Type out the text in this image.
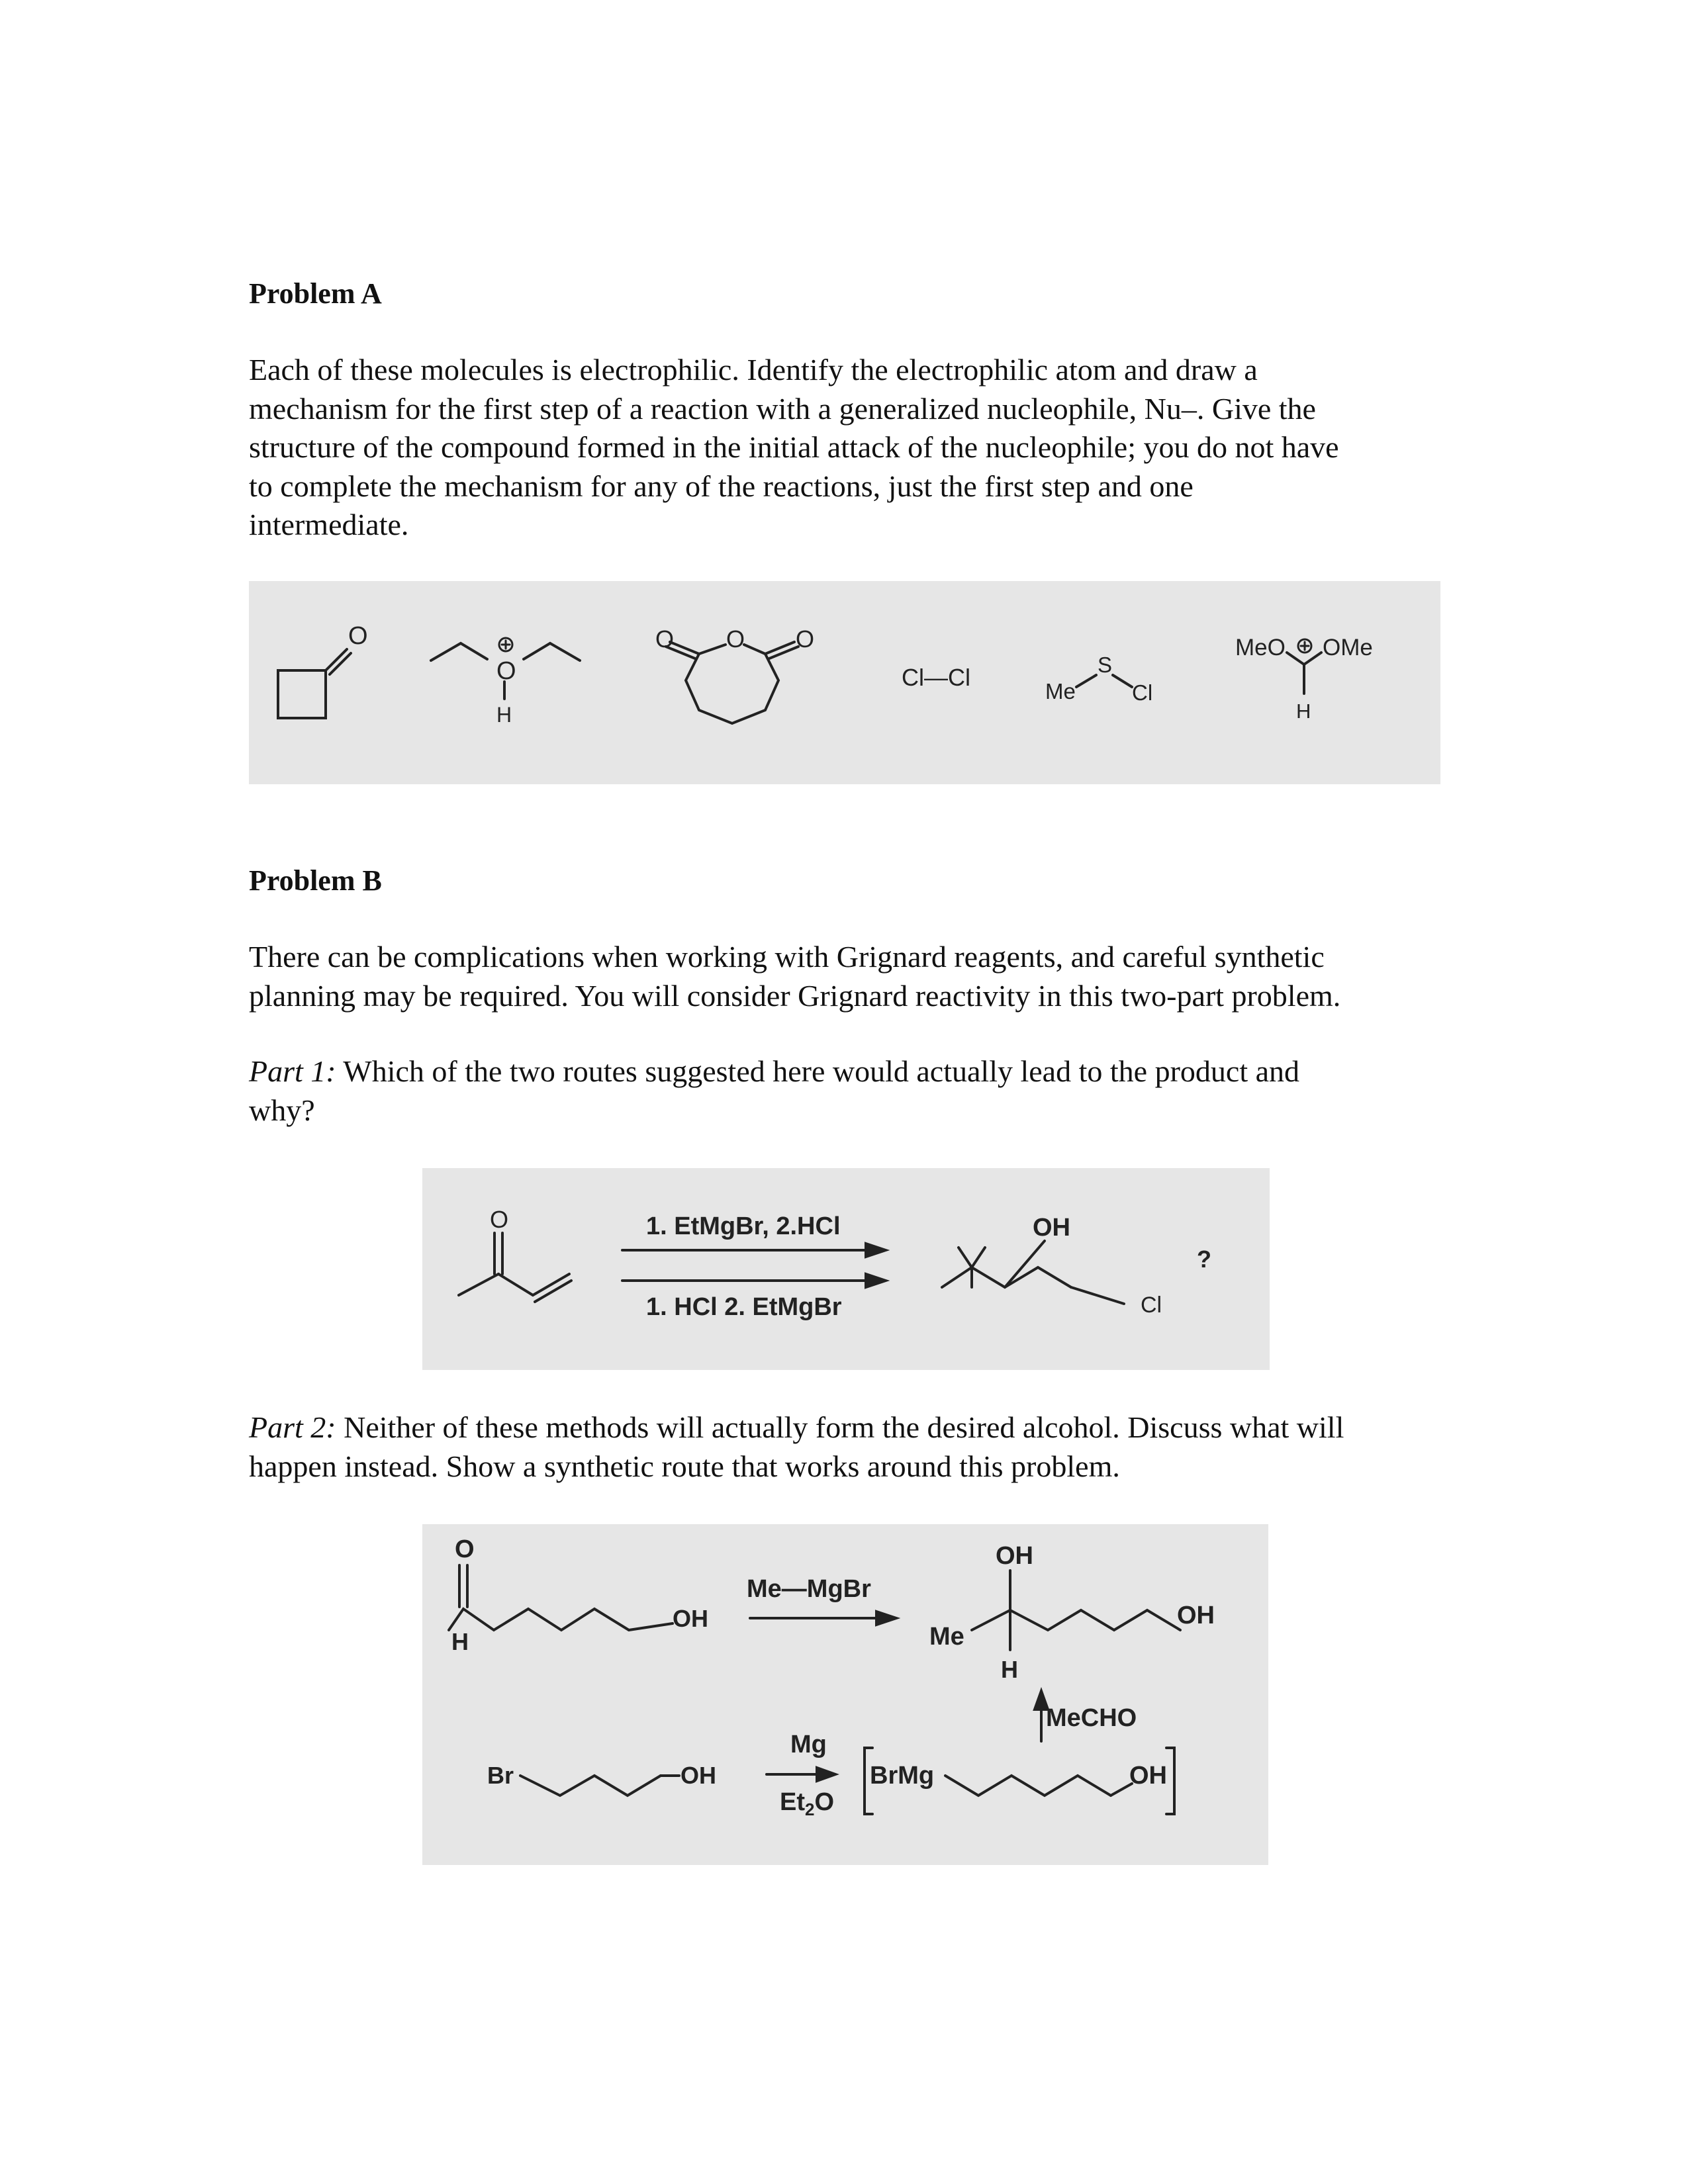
Problem A
Each of these molecules is electrophilic. Identify the electrophilic atom and draw a
mechanism for the first step of a reaction with a generalized nucleophile, Nu–. Give the
structure of the compound formed in the initial attack of the nucleophile; you do not have
to complete the mechanism for any of the reactions, just the first step and one
intermediate.
O
O
H
O O O
Cl—Cl
Me
S
Cl
MeO OMe
H
Problem B
There can be complications when working with Grignard reagents, and careful synthetic
planning may be required. You will consider Grignard reactivity in this two-part problem.
Part 1: Which of the two routes suggested here would actually lead to the product and
why?
O	1. EtMgBr, 2.HCl
1. HCl 2. EtMgBr
OH
Cl
?
Part 2: Neither of these methods will actually form the desired alcohol. Discuss what will
happen instead. Show a synthetic route that works around this problem.
O
H
OH
Me—MgBr
OH
Me
OH
H
MeCHO
Br	OH
Mg
$Et_2O$
BrMg	OH
